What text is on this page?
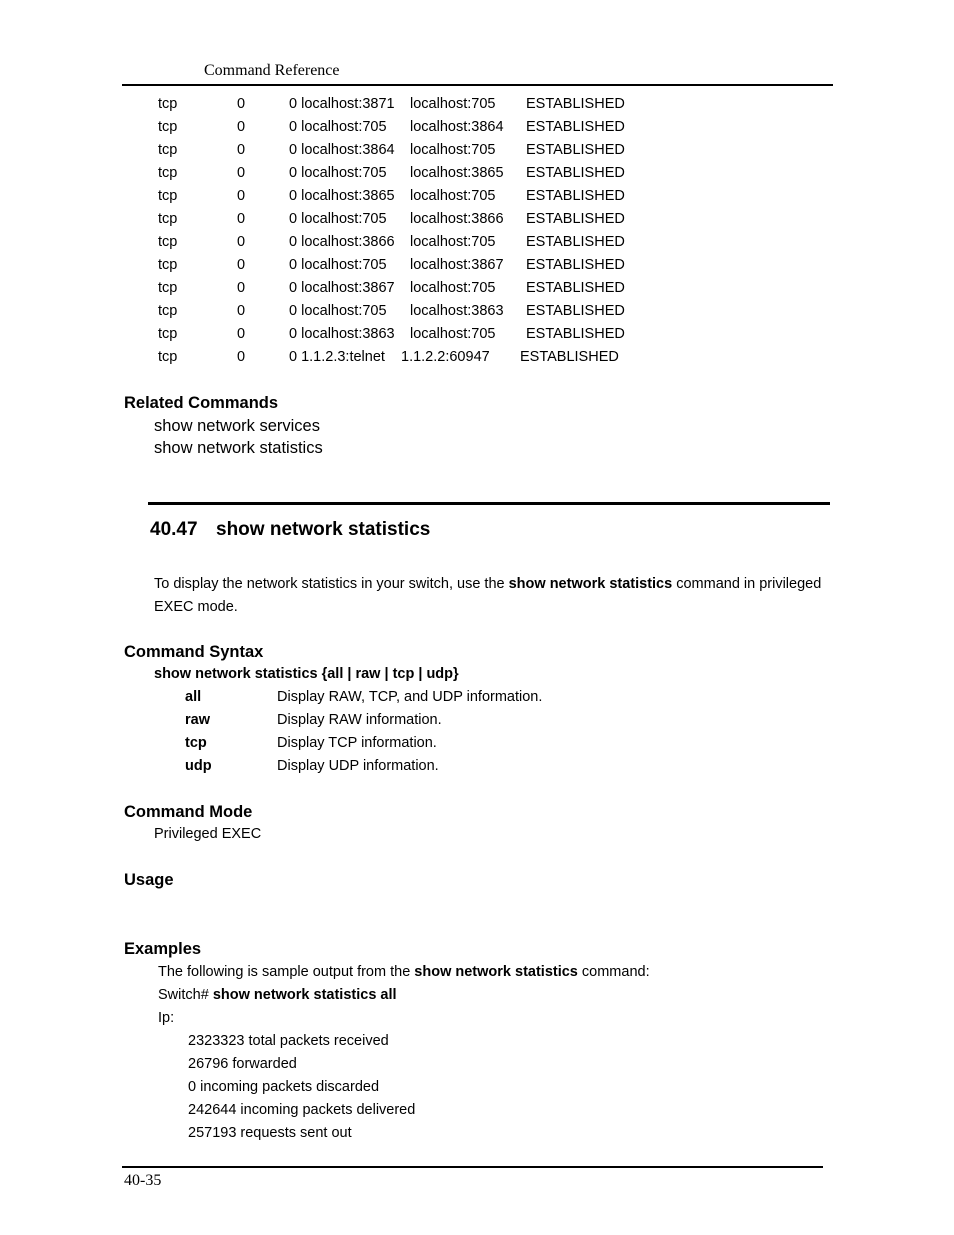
Command Reference
tcp	0	0 localhost:3871 localhost:705 ESTABLISHED
tcp	0	0 localhost:705 localhost:3864 ESTABLISHED
tcp	0	0 localhost:3864 localhost:705 ESTABLISHED
tcp	0	0 localhost:705 localhost:3865 ESTABLISHED
tcp	0	0 localhost:3865 localhost:705 ESTABLISHED
tcp	0	0 localhost:705 localhost:3866 ESTABLISHED
tcp	0	0 localhost:3866 localhost:705 ESTABLISHED
tcp	0	0 localhost:705 localhost:3867 ESTABLISHED
tcp	0	0 localhost:3867 localhost:705 ESTABLISHED
tcp	0	0 localhost:705 localhost:3863 ESTABLISHED
tcp	0	0 localhost:3863 localhost:705 ESTABLISHED
tcp	0	0 1.1.2.3:telnet 1.1.2.2:60947 ESTABLISHED
Related Commands
show network services
show network statistics
40.47 show network statistics
To display the network statistics in your switch, use the show network statistics command in privileged EXEC mode.
Command Syntax
show network statistics {all | raw | tcp | udp}
all	Display RAW, TCP, and UDP information.
raw	Display RAW information.
tcp	Display TCP information.
udp	Display UDP information.
Command Mode
Privileged EXEC
Usage
Examples
The following is sample output from the show network statistics command:
Switch# show network statistics all
Ip:
2323323 total packets received
26796 forwarded
0 incoming packets discarded
242644 incoming packets delivered
257193 requests sent out
40-35
